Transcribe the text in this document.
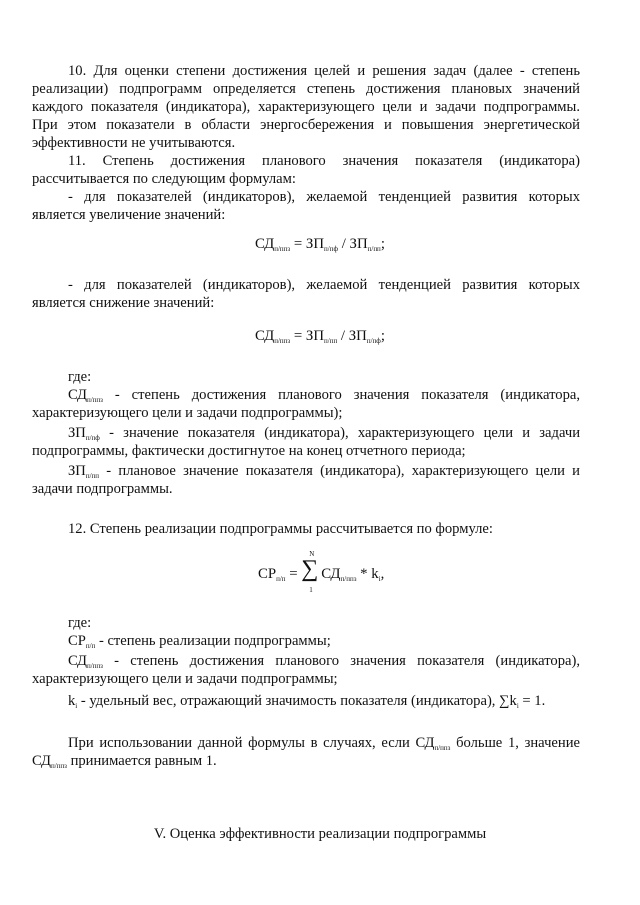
10. Для оценки степени достижения целей и решения задач (далее - степень реализации) подпрограмм определяется степень достижения плановых значений каждого показателя (индикатора), характеризующего цели и задачи подпрограммы. При этом показатели в области энергосбережения и повышения энергетической эффективности не учитываются.

11. Степень достижения планового значения показателя (индикатора) рассчитывается по следующим формулам:

- для показателей (индикаторов), желаемой тенденцией развития которых является увеличение значений:

$СД_{п/ппз} = ЗП_{п/пф} / ЗП_{п/пп}$;

- для показателей (индикаторов), желаемой тенденцией развития которых является снижение значений:

$СД_{п/ппз} = ЗП_{п/пп} / ЗП_{п/пф}$;

где:

$СД_{п/ппз}$ - степень достижения планового значения показателя (индикатора, характеризующего цели и задачи подпрограммы);

$ЗП_{п/пф}$ - значение показателя (индикатора), характеризующего цели и задачи подпрограммы, фактически достигнутое на конец отчетного периода;

$ЗП_{п/пп}$ - плановое значение показателя (индикатора), характеризующего цели и задачи подпрограммы.

12. Степень реализации подпрограммы рассчитывается по формуле:

$СР_{п/п}$ = ∑
N
1
$СД_{п/ппз} * k_i$,

где:

$СР_{п/п}$ - степень реализации подпрограммы;

$СД_{п/ппз}$ - степень достижения планового значения показателя (индикатора), характеризующего цели и задачи подпрограммы;

$k_i$ - удельный вес, отражающий значимость показателя (индикатора), $\sum k_i = 1$.

При использовании данной формулы в случаях, если $СД_{п/ппз}$ больше 1, значение $СД_{п/ппз}$ принимается равным 1.

V. Оценка эффективности реализации подпрограммы
